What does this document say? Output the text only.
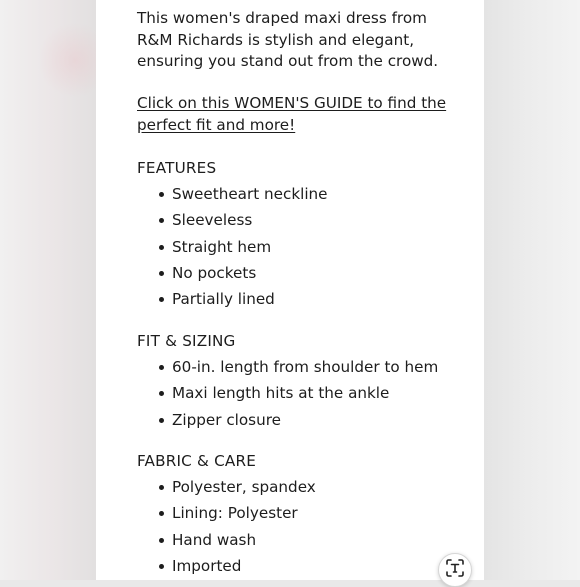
This women's draped maxi dress from R&M Richards is stylish and elegant, ensuring you stand out from the crowd.

Click on this WOMEN'S GUIDE to find the perfect fit and more!
FEATURES
Sweetheart neckline
Sleeveless
Straight hem
No pockets
Partially lined
FIT & SIZING
60-in. length from shoulder to hem
Maxi length hits at the ankle
Zipper closure
FABRIC & CARE
Polyester, spandex
Lining: Polyester
Hand wash
Imported
